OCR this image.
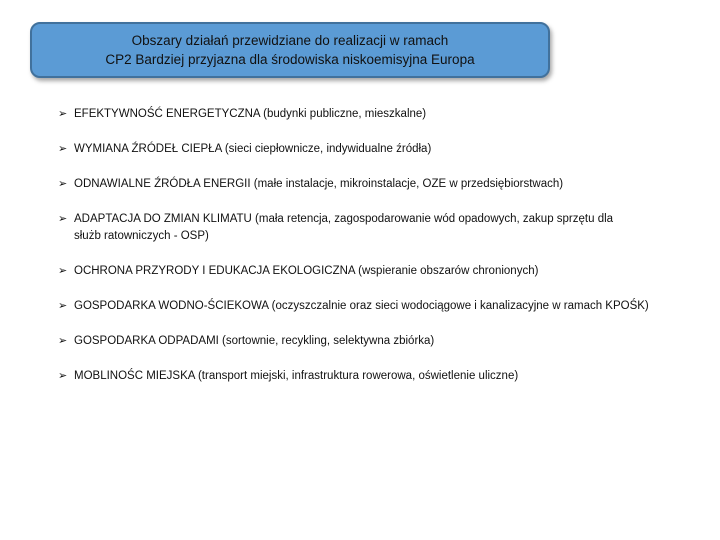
Obszary działań przewidziane do realizacji w ramach
CP2 Bardziej przyjazna dla środowiska niskoemisyjna Europa
➢ EFEKTYWNOŚĆ ENERGETYCZNA (budynki publiczne, mieszkalne)
➢ WYMIANA ŹRÓDEŁ CIEPŁA (sieci ciepłownicze, indywidualne źródła)
➢ ODNAWIALNE ŹRÓDŁA ENERGII (małe instalacje, mikroinstalacje, OZE w przedsiębiorstwach)
➢ ADAPTACJA DO ZMIAN KLIMATU (mała retencja, zagospodarowanie wód opadowych, zakup sprzętu dla służb ratowniczych - OSP)
➢ OCHRONA PRZYRODY I EDUKACJA EKOLOGICZNA (wspieranie obszarów chronionych)
➢ GOSPODARKA WODNO-ŚCIEKOWA (oczyszczalnie oraz sieci wodociągowe i kanalizacyjne w ramach KPOŚK)
➢ GOSPODARKA ODPADAMI (sortownie, recykling, selektywna zbiórka)
➢ MOBLINOŚC MIEJSKA (transport miejski, infrastruktura rowerowa, oświetlenie uliczne)
